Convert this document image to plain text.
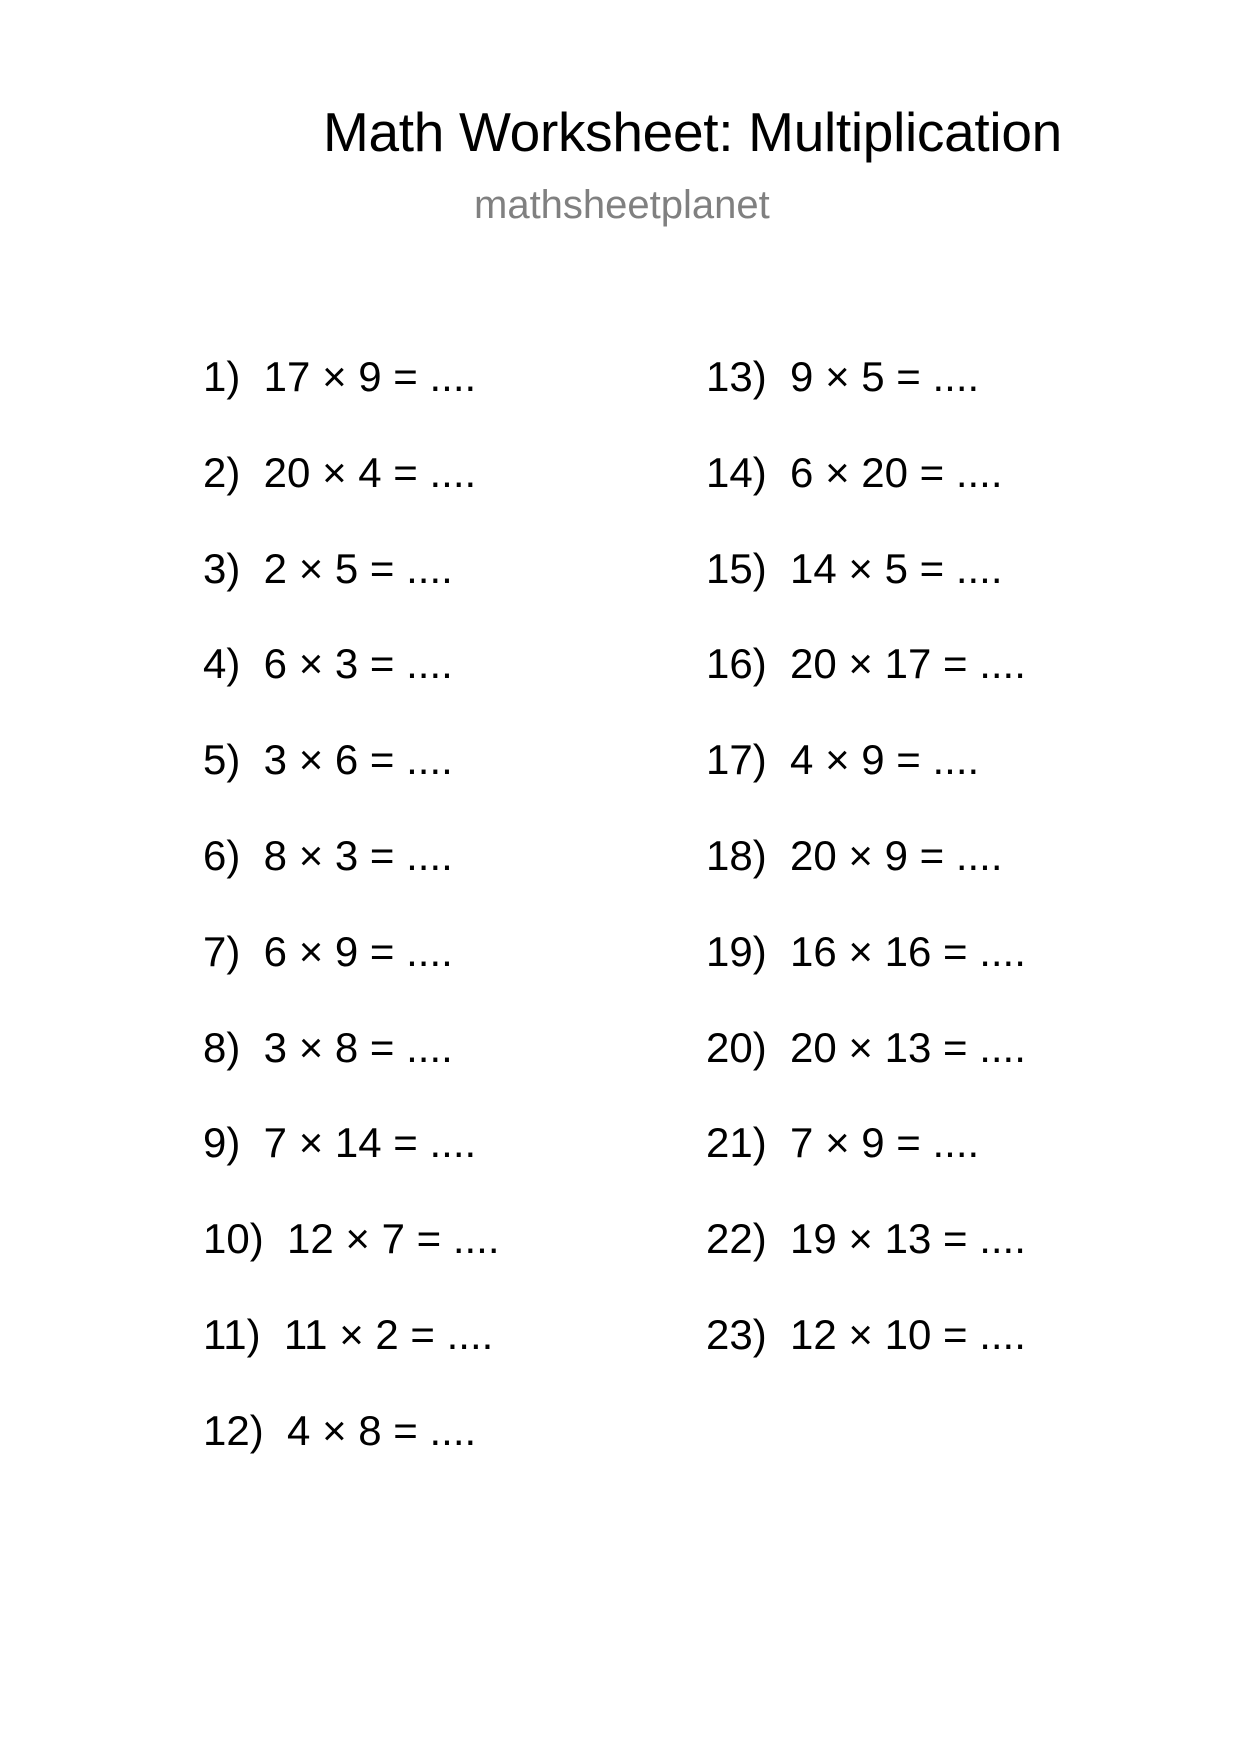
Math Worksheet: Multiplication
mathsheetplanet
1)  17 × 9 = ....
2)  20 × 4 = ....
3)  2 × 5 = ....
4)  6 × 3 = ....
5)  3 × 6 = ....
6)  8 × 3 = ....
7)  6 × 9 = ....
8)  3 × 8 = ....
9)  7 × 14 = ....
10)  12 × 7 = ....
11)  11 × 2 = ....
12)  4 × 8 = ....
13)  9 × 5 = ....
14)  6 × 20 = ....
15)  14 × 5 = ....
16)  20 × 17 = ....
17)  4 × 9 = ....
18)  20 × 9 = ....
19)  16 × 16 = ....
20)  20 × 13 = ....
21)  7 × 9 = ....
22)  19 × 13 = ....
23)  12 × 10 = ....
